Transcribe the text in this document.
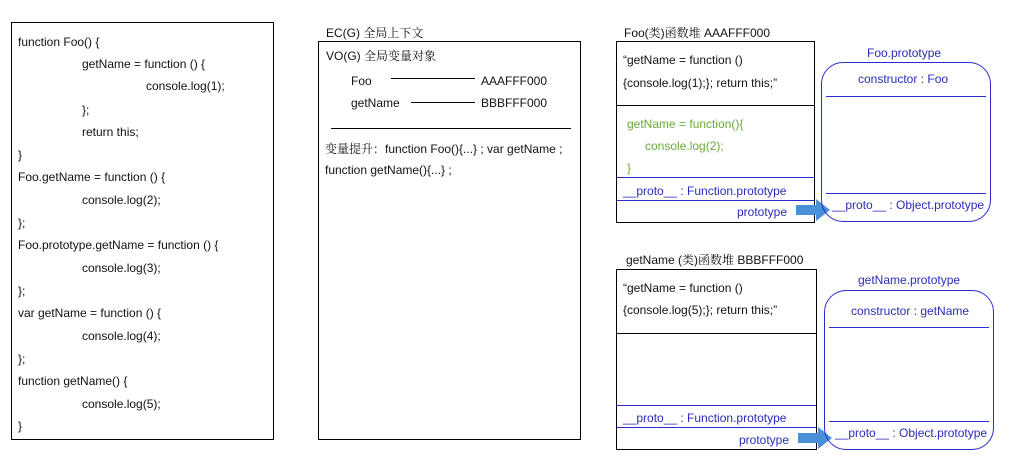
function Foo() {
getName = function () {
console.log(1);
};
return this;
}
Foo.getName = function () {
console.log(2);
};
Foo.prototype.getName = function () {
console.log(3);
};
var getName = function () {
console.log(4);
};
function getName() {
console.log(5);
}
EC(G) 全局上下文
VO(G) 全局变量对象
Foo	AAAFFF000
getName	BBBFFF000
变量提升：function Foo(){...} ; var getName ;
function getName(){...} ;
Foo(类)函数堆 AAAFFF000
“getName = function ()
{console.log(1);}; return this;”
getName = function(){
console.log(2);
}
__proto__ : Function.prototype
prototype
Foo.prototype
constructor : Foo
__proto__ : Object.prototype
getName (类)函数堆 BBBFFF000
“getName = function ()
{console.log(5);}; return this;”
__proto__ : Function.prototype
prototype
getName.prototype
constructor : getName
__proto__ : Object.prototype
